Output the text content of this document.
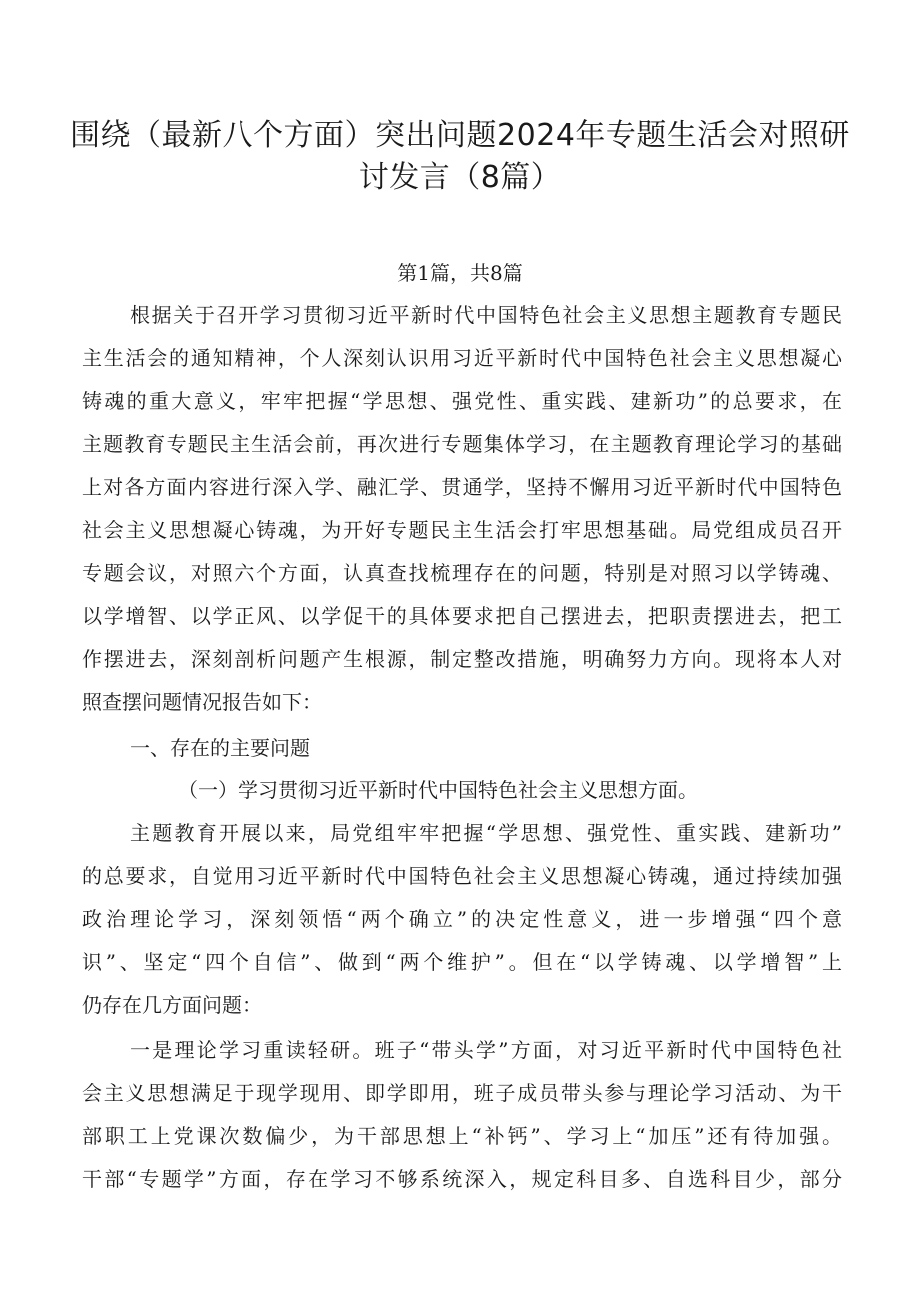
围绕（最新八个方面）突出问题2024年专题生活会对照研
讨发言（8篇）

第1篇，共8篇

根据关于召开学习贯彻习近平新时代中国特色社会主义思想主题教育专题民

主生活会的通知精神，个人深刻认识用习近平新时代中国特色社会主义思想凝心

铸魂的重大意义，牢牢把握“学思想、强党性、重实践、建新功”的总要求，在

主题教育专题民主生活会前，再次进行专题集体学习，在主题教育理论学习的基础

上对各方面内容进行深入学、融汇学、贯通学，坚持不懈用习近平新时代中国特色

社会主义思想凝心铸魂，为开好专题民主生活会打牢思想基础。局党组成员召开

专题会议，对照六个方面，认真查找梳理存在的问题，特别是对照习以学铸魂、

以学增智、以学正风、以学促干的具体要求把自己摆进去，把职责摆进去，把工

作摆进去，深刻剖析问题产生根源，制定整改措施，明确努力方向。现将本人对

照查摆问题情况报告如下：

一、存在的主要问题

（一）学习贯彻习近平新时代中国特色社会主义思想方面。

主题教育开展以来，局党组牢牢把握“学思想、强党性、重实践、建新功”

的总要求，自觉用习近平新时代中国特色社会主义思想凝心铸魂，通过持续加强

政治理论学习，深刻领悟“两个确立”的决定性意义，进一步增强“四个意

识”、坚定“四个自信”、做到“两个维护”。但在“以学铸魂、以学增智”上

仍存在几方面问题：

一是理论学习重读轻研。班子“带头学”方面，对习近平新时代中国特色社

会主义思想满足于现学现用、即学即用，班子成员带头参与理论学习活动、为干

部职工上党课次数偏少，为干部思想上“补钙”、学习上“加压”还有待加强。

干部“专题学”方面，存在学习不够系统深入，规定科目多、自选科目少，部分
